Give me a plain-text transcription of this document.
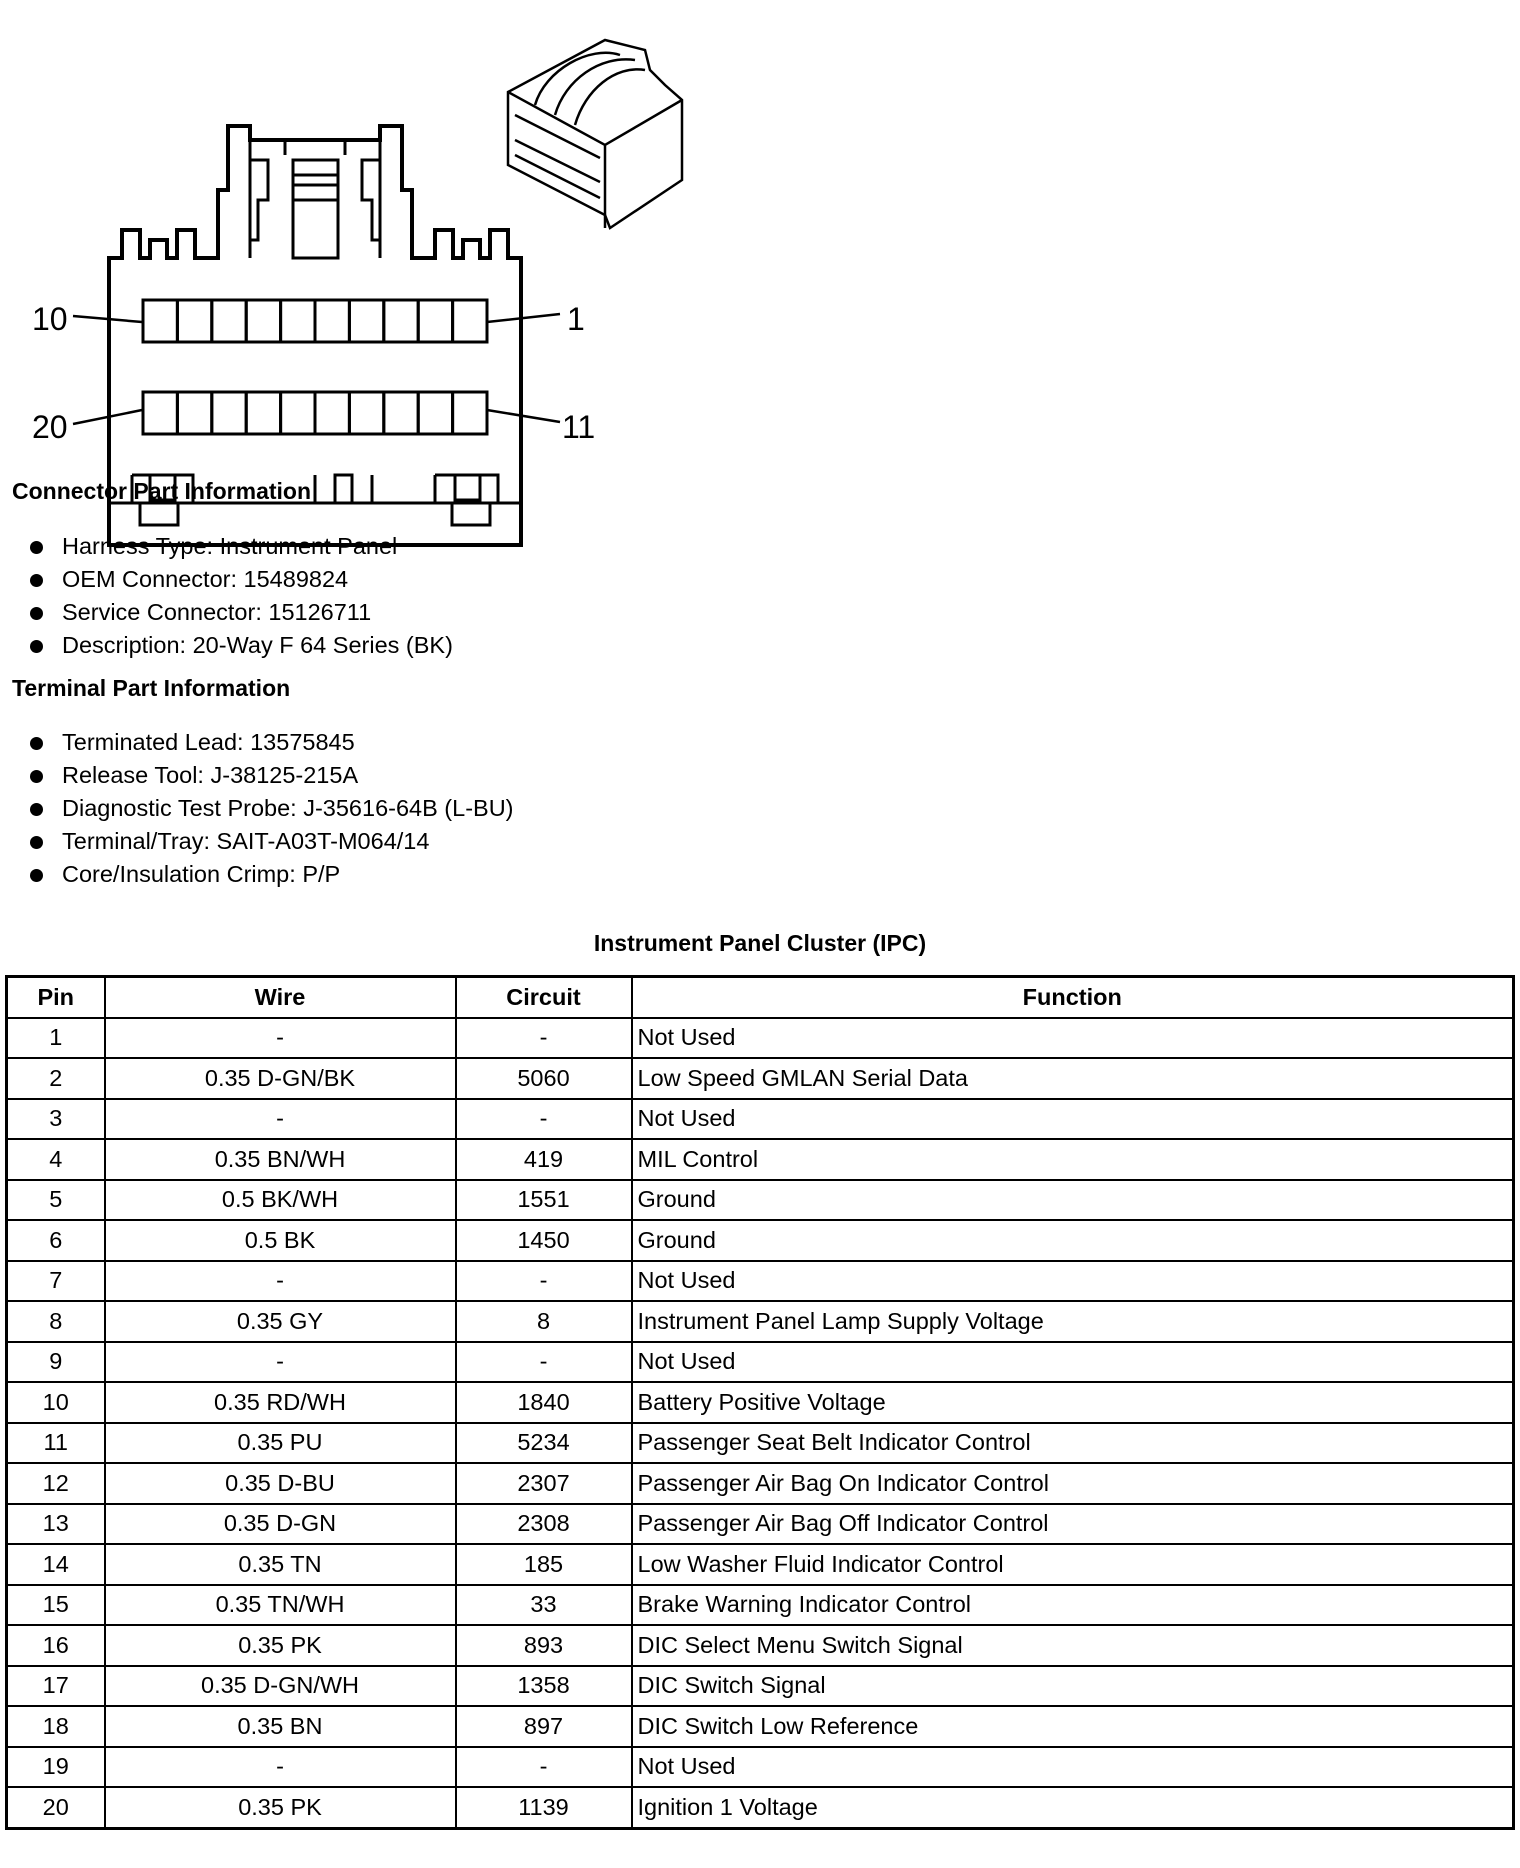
10	1
20	11
Connector Part Information
Harness Type: Instrument Panel
OEM Connector: 15489824
Service Connector: 15126711
Description: 20-Way F 64 Series (BK)
Terminal Part Information
Terminated Lead: 13575845
Release Tool: J-38125-215A
Diagnostic Test Probe: J-35616-64B (L-BU)
Terminal/Tray: SAIT-A03T-M064/14
Core/Insulation Crimp: P/P
Instrument Panel Cluster (IPC)
Pin	Wire	Circuit	Function
1	-	-	Not Used
2	0.35 D-GN/BK	5060	Low Speed GMLAN Serial Data
3	-	-	Not Used
4	0.35 BN/WH	419	MIL Control
5	0.5 BK/WH	1551	Ground
6	0.5 BK	1450	Ground
7	-	-	Not Used
8	0.35 GY	8	Instrument Panel Lamp Supply Voltage
9	-	-	Not Used
10	0.35 RD/WH	1840	Battery Positive Voltage
11	0.35 PU	5234	Passenger Seat Belt Indicator Control
12	0.35 D-BU	2307	Passenger Air Bag On Indicator Control
13	0.35 D-GN	2308	Passenger Air Bag Off Indicator Control
14	0.35 TN	185	Low Washer Fluid Indicator Control
15	0.35 TN/WH	33	Brake Warning Indicator Control
16	0.35 PK	893	DIC Select Menu Switch Signal
17	0.35 D-GN/WH	1358	DIC Switch Signal
18	0.35 BN	897	DIC Switch Low Reference
19	-	-	Not Used
20	0.35 PK	1139	Ignition 1 Voltage
